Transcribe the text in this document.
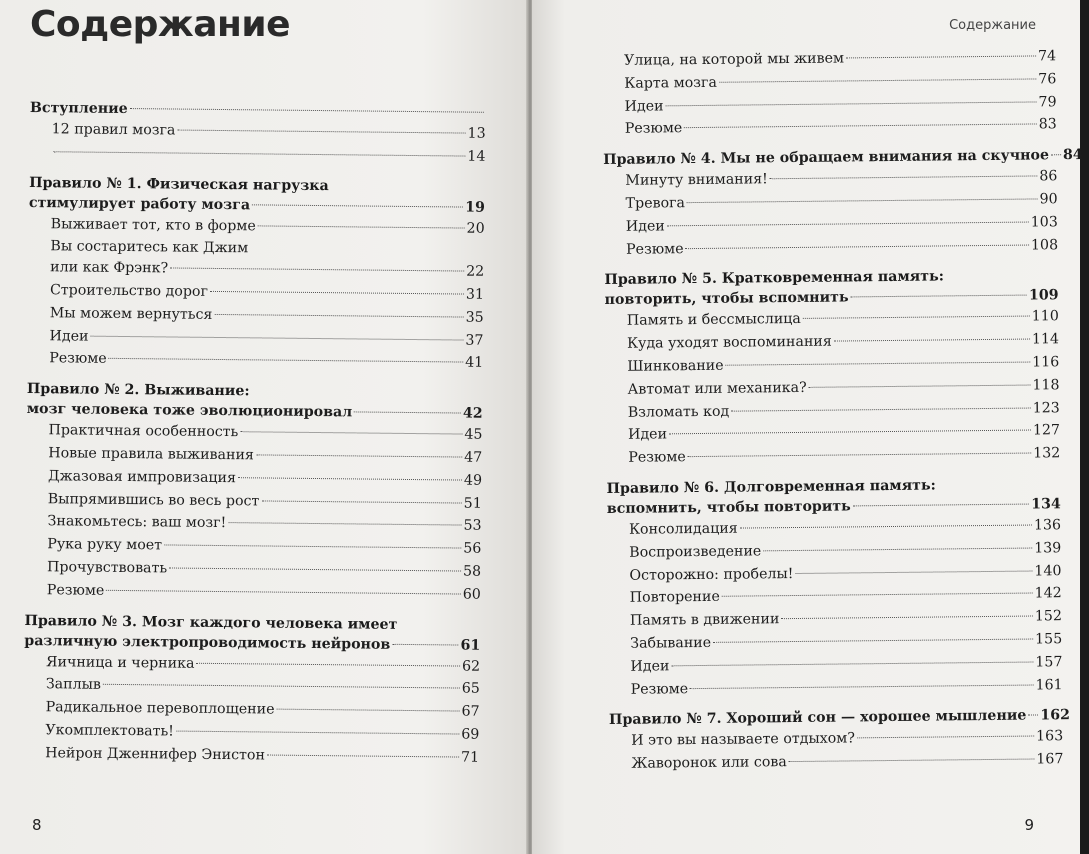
Содержание
Вступление
12 правил мозга	13
14
Правило № 1. Физическая нагрузка
стимулирует работу мозга	19
Выживает тот, кто в форме	20
Вы состаритесь как Джим
или как Фрэнк?	22
Строительство дорог	31
Мы можем вернуться	35
Идеи	37
Резюме	41
Правило № 2. Выживание:
мозг человека тоже эволюционировал	42
Практичная особенность	45
Новые правила выживания	47
Джазовая импровизация	49
Выпрямившись во весь рост	51
Знакомьтесь: ваш мозг!	53
Рука руку моет	56
Прочувствовать	58
Резюме	60
Правило № 3. Мозг каждого человека имеет
различную электропроводимость нейронов	61
Яичница и черника	62
Заплыв	65
Радикальное перевоплощение	67
Укомплектовать!	69
Нейрон Дженнифер Энистон	71
8
Содержание
Улица, на которой мы живем	74
Карта мозга	76
Идеи	79
Резюме	83
Правило № 4. Мы не обращаем внимания на скучное 84
Минуту внимания!	86
Тревога	90
Идеи	103
Резюме	108
Правило № 5. Кратковременная память:
повторить, чтобы вспомнить	109
Память и бессмыслица	110
Куда уходят воспоминания	114
Шинкование	116
Автомат или механика?	118
Взломать код	123
Идеи	127
Резюме	132
Правило № 6. Долговременная память:
вспомнить, чтобы повторить	134
Консолидация	136
Воспроизведение	139
Осторожно: пробелы!	140
Повторение	142
Память в движении	152
Забывание	155
Идеи	157
Резюме	161
Правило № 7. Хороший сон — хорошее мышление 162
И это вы называете отдыхом?	163
Жаворонок или сова	167
9
